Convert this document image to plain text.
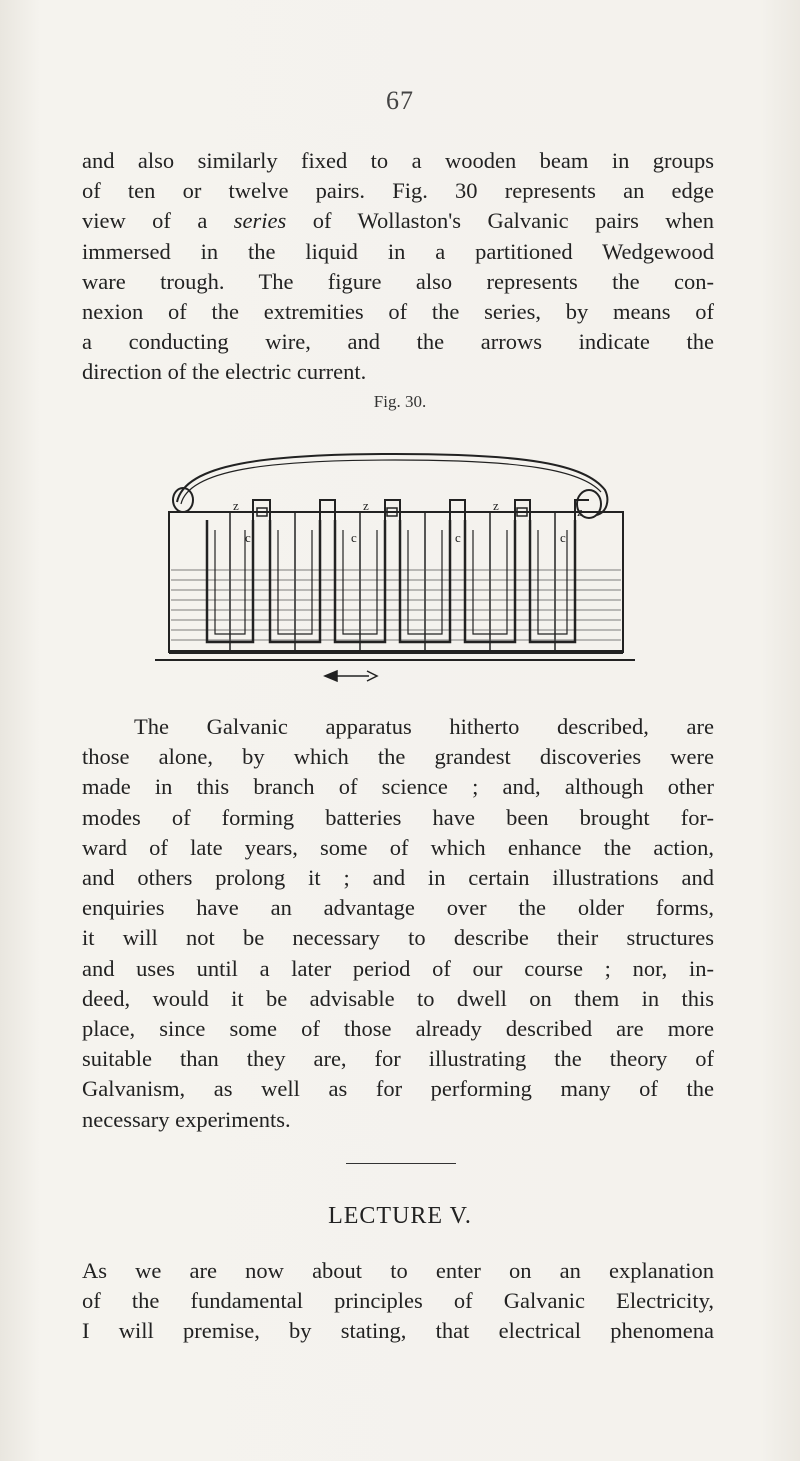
67

and also similarly fixed to a wooden beam in groups
of ten or twelve pairs. Fig. 30 represents an edge
view of a series of Wollaston's Galvanic pairs when
immersed in the liquid in a partitioned Wedgewood
ware trough. The figure also represents the con-
nexion of the extremities of the series, by means of
a conducting wire, and the arrows indicate the
direction of the electric current.

Fig. 30.
z	z	z	z
c	c	c	c

The Galvanic apparatus hitherto described, are
those alone, by which the grandest discoveries were
made in this branch of science ; and, although other
modes of forming batteries have been brought for-
ward of late years, some of which enhance the action,
and others prolong it ; and in certain illustrations and
enquiries have an advantage over the older forms,
it will not be necessary to describe their structures
and uses until a later period of our course ; nor, in-
deed, would it be advisable to dwell on them in this
place, since some of those already described are more
suitable than they are, for illustrating the theory of
Galvanism, as well as for performing many of the
necessary experiments.

LECTURE V.

As we are now about to enter on an explanation
of the fundamental principles of Galvanic Electricity,
I will premise, by stating, that electrical phenomena
